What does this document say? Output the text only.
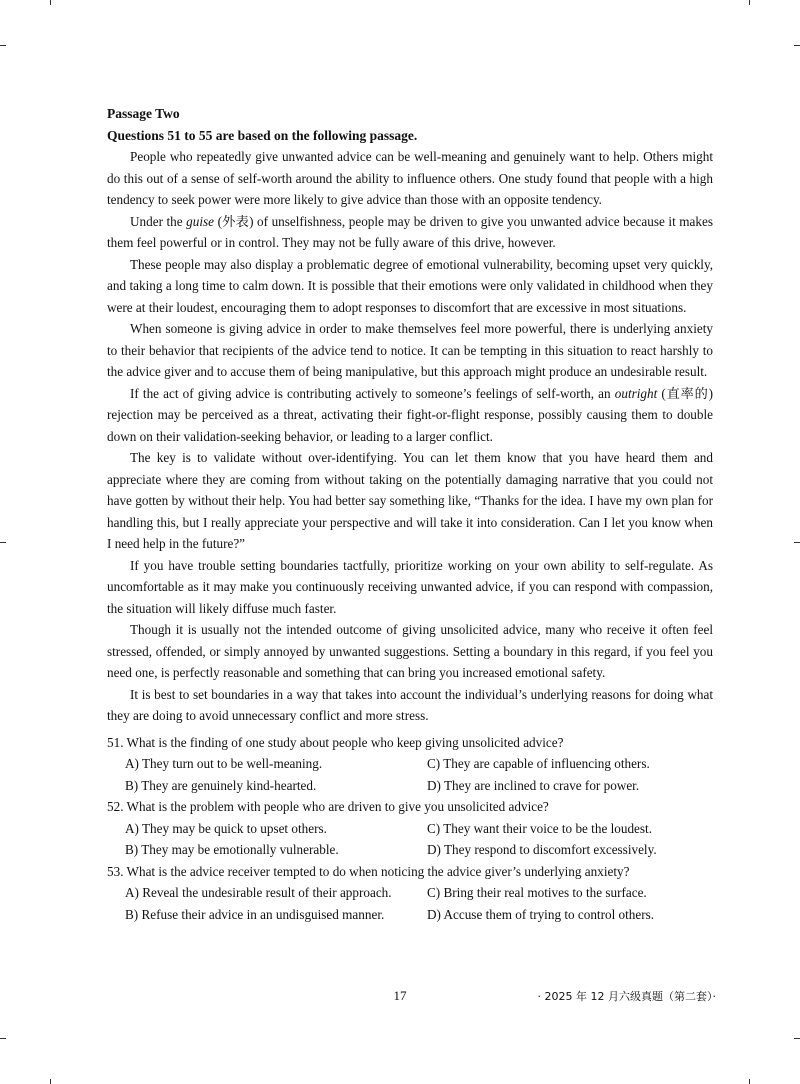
Passage Two

Questions 51 to 55 are based on the following passage.

People who repeatedly give unwanted advice can be well-meaning and genuinely want to help. Others might do this out of a sense of self-worth around the ability to influence others. One study found that people with a high tendency to seek power were more likely to give advice than those with an opposite tendency.

Under the guise (外表) of unselfishness, people may be driven to give you unwanted advice because it makes them feel powerful or in control. They may not be fully aware of this drive, however.

These people may also display a problematic degree of emotional vulnerability, becoming upset very quickly, and taking a long time to calm down. It is possible that their emotions were only validated in childhood when they were at their loudest, encouraging them to adopt responses to discomfort that are excessive in most situations.

When someone is giving advice in order to make themselves feel more powerful, there is underlying anxiety to their behavior that recipients of the advice tend to notice. It can be tempting in this situation to react harshly to the advice giver and to accuse them of being manipulative, but this approach might produce an undesirable result.

If the act of giving advice is contributing actively to someone’s feelings of self-worth, an outright (直率的) rejection may be perceived as a threat, activating their fight-or-flight response, possibly causing them to double down on their validation-seeking behavior, or leading to a larger conflict.

The key is to validate without over-identifying. You can let them know that you have heard them and appreciate where they are coming from without taking on the potentially damaging narrative that you could not have gotten by without their help. You had better say something like, “Thanks for the idea. I have my own plan for handling this, but I really appreciate your perspective and will take it into consideration. Can I let you know when I need help in the future?”

If you have trouble setting boundaries tactfully, prioritize working on your own ability to self-regulate. As uncomfortable as it may make you continuously receiving unwanted advice, if you can respond with compassion, the situation will likely diffuse much faster.

Though it is usually not the intended outcome of giving unsolicited advice, many who receive it often feel stressed, offended, or simply annoyed by unwanted suggestions. Setting a boundary in this regard, if you feel you need one, is perfectly reasonable and something that can bring you increased emotional safety.

It is best to set boundaries in a way that takes into account the individual’s underlying reasons for doing what they are doing to avoid unnecessary conflict and more stress.

51. What is the finding of one study about people who keep giving unsolicited advice?

A) They turn out to be well-meaning.	C) They are capable of influencing others.
B) They are genuinely kind-hearted.	D) They are inclined to crave for power.

52. What is the problem with people who are driven to give you unsolicited advice?

A) They may be quick to upset others.	C) They want their voice to be the loudest.
B) They may be emotionally vulnerable.	D) They respond to discomfort excessively.

53. What is the advice receiver tempted to do when noticing the advice giver’s underlying anxiety?

A) Reveal the undesirable result of their approach.	C) Bring their real motives to the surface.
B) Refuse their advice in an undisguised manner.	D) Accuse them of trying to control others.
17	· 2025 年 12 月六级真题（第二套）·
